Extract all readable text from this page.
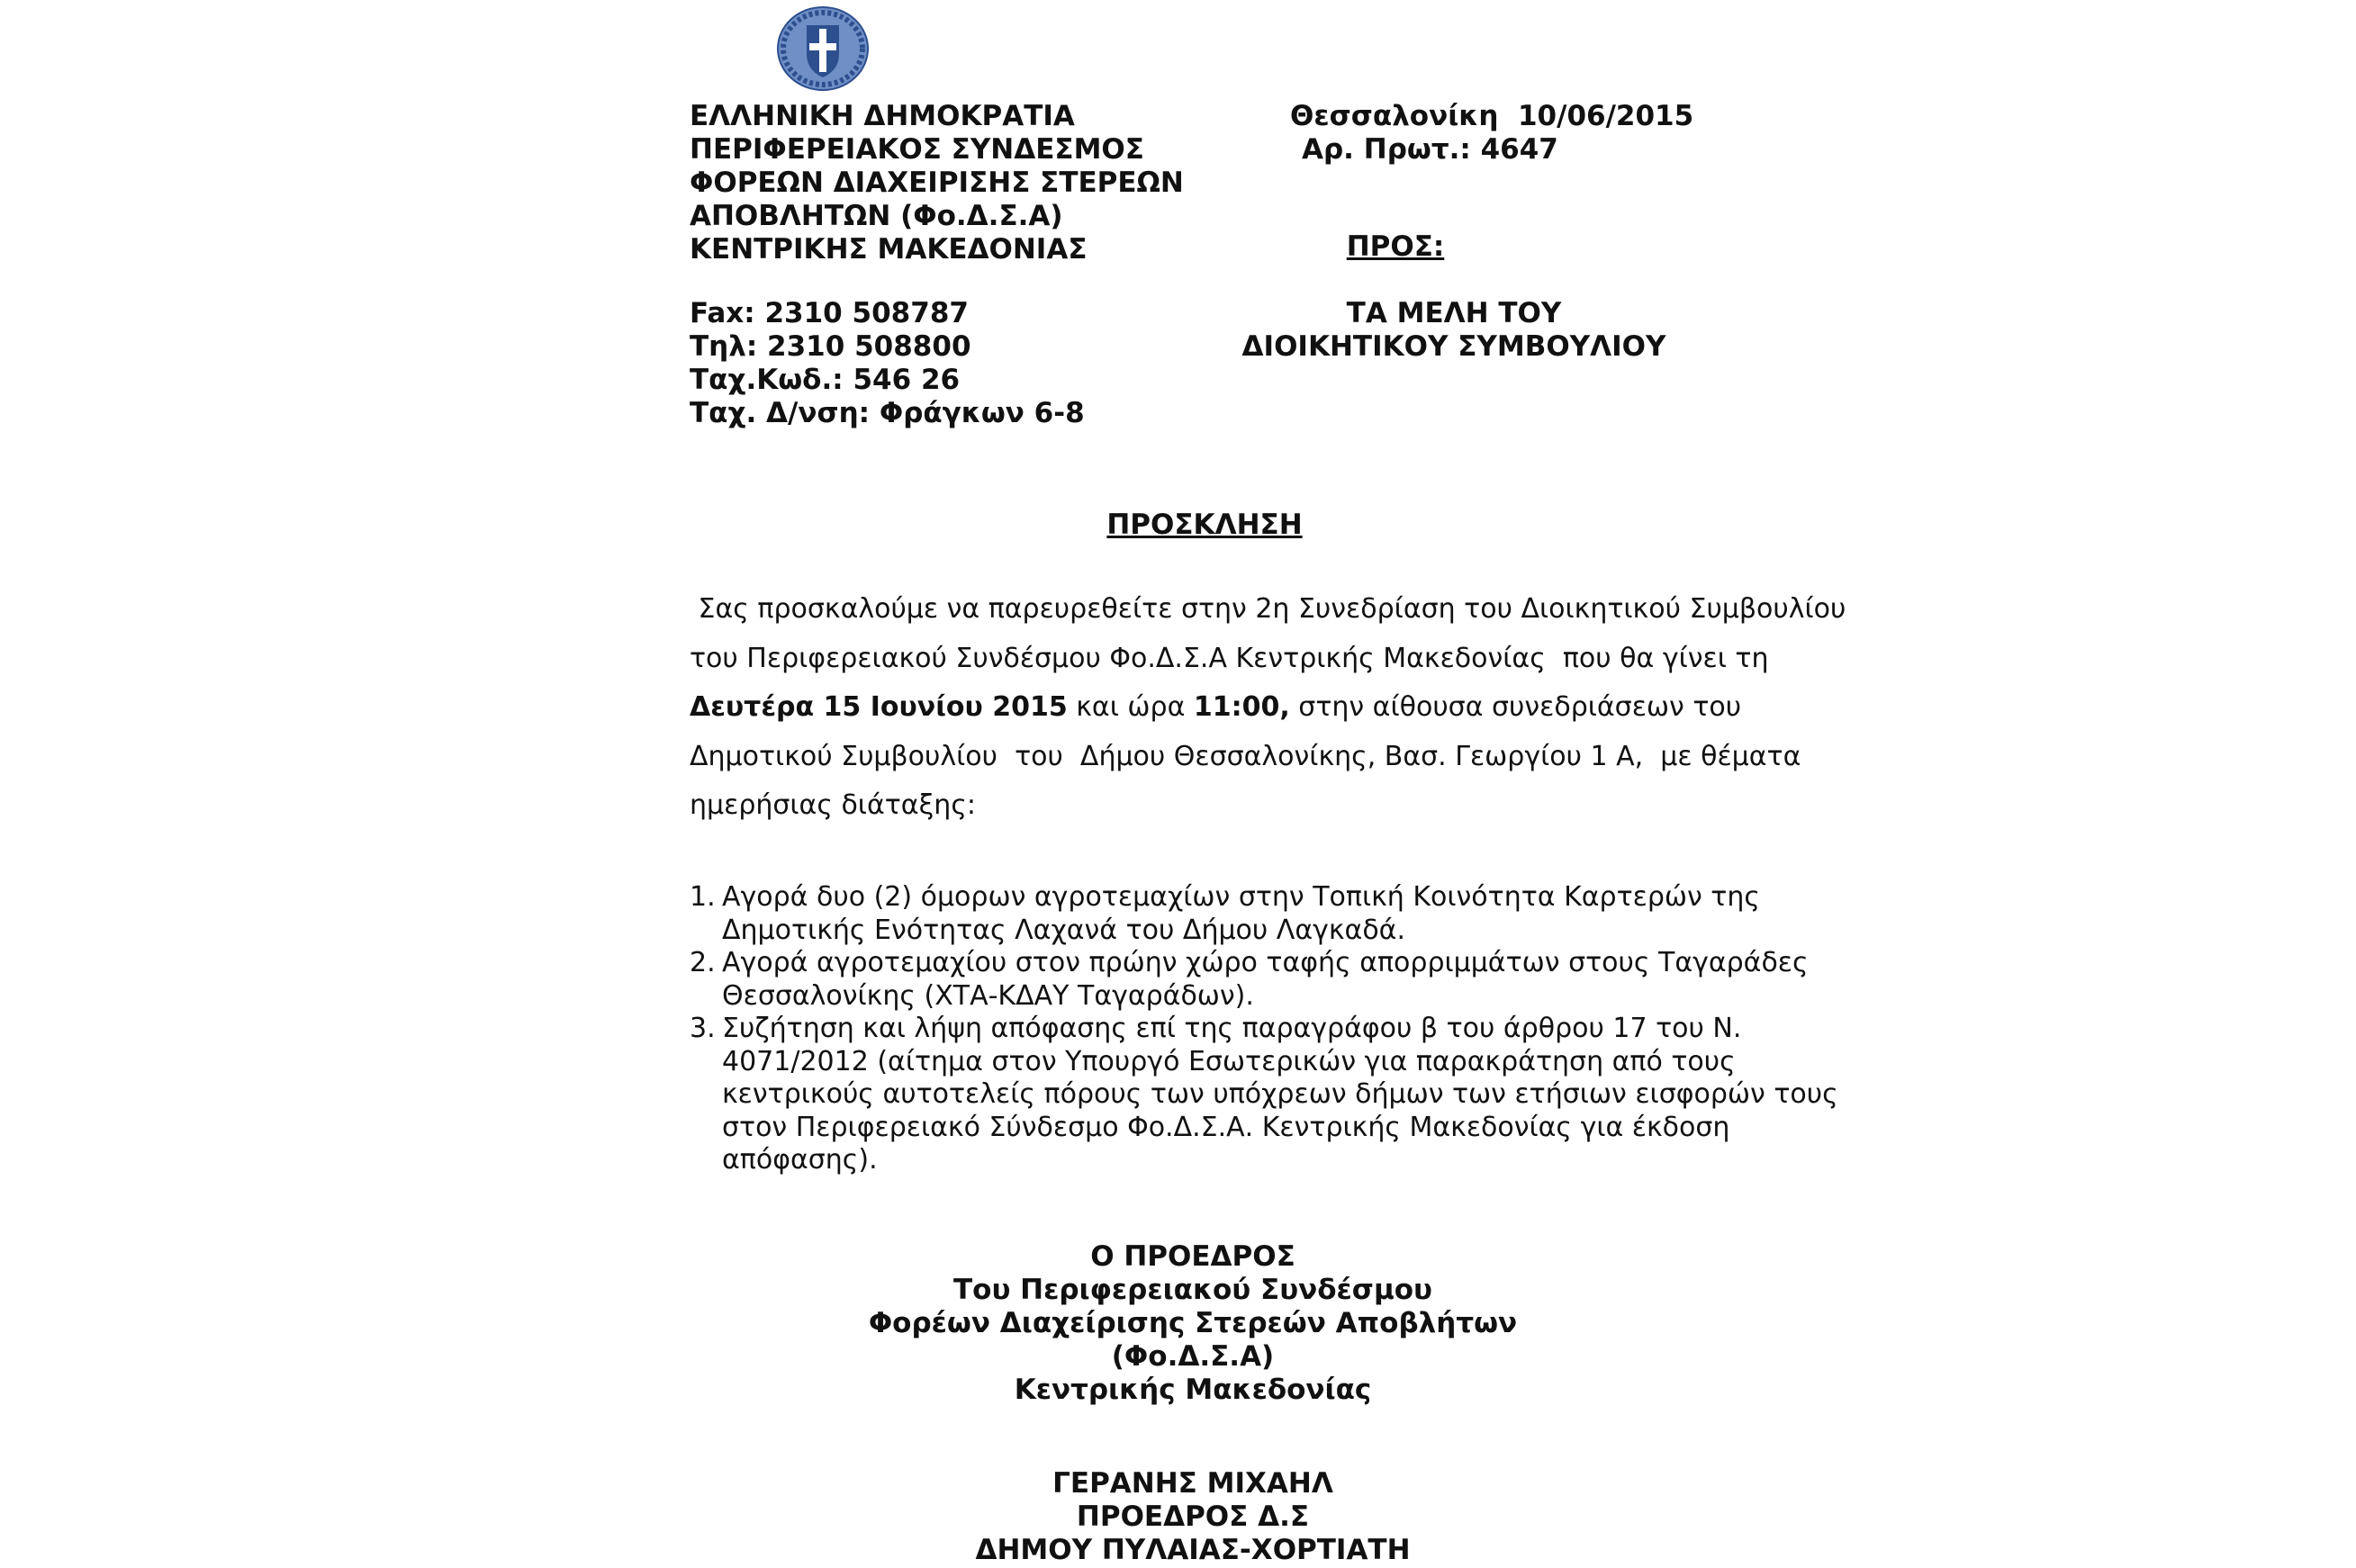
ΕΛΛΗΝΙΚΗ ΔΗΜΟΚΡΑΤΙΑ
ΠΕΡΙΦΕΡΕΙΑΚΟΣ ΣΥΝΔΕΣΜΟΣ
ΦΟΡΕΩΝ ΔΙΑΧΕΙΡΙΣΗΣ ΣΤΕΡΕΩΝ
ΑΠΟΒΛΗΤΩΝ (Φο.Δ.Σ.Α)
ΚΕΝΤΡΙΚΗΣ ΜΑΚΕΔΟΝΙΑΣ
Fax: 2310 508787
Τηλ: 2310 508800
Ταχ.Κωδ.: 546 26
Ταχ. Δ/νση: Φράγκων 6-8
Θεσσαλονίκη  10/06/2015
Αρ. Πρωτ.: 4647
ΠΡΟΣ:
ΤΑ ΜΕΛΗ ΤΟΥ
ΔΙΟΙΚΗΤΙΚΟΥ ΣΥΜΒΟΥΛΙΟΥ
ΠΡΟΣΚΛΗΣΗ
Σας προσκαλούμε να παρευρεθείτε στην 2η Συνεδρίαση του Διοικητικού Συμβουλίου
του Περιφερειακού Συνδέσμου Φο.Δ.Σ.Α Κεντρικής Μακεδονίας  που θα γίνει τη
Δευτέρα 15 Ιουνίου 2015 και ώρα 11:00, στην αίθουσα συνεδριάσεων του
Δημοτικού Συμβουλίου  του  Δήμου Θεσσαλονίκης, Βασ. Γεωργίου 1 Α,  με θέματα
ημερήσιας διάταξης:
1. Αγορά δυο (2) όμορων αγροτεμαχίων στην Τοπική Κοινότητα Καρτερών της
Δημοτικής Ενότητας Λαχανά του Δήμου Λαγκαδά.
2. Αγορά αγροτεμαχίου στον πρώην χώρο ταφής απορριμμάτων στους Ταγαράδες
Θεσσαλονίκης (ΧΤΑ-ΚΔΑΥ Ταγαράδων).
3. Συζήτηση και λήψη απόφασης επί της παραγράφου β του άρθρου 17 του Ν.
4071/2012 (αίτημα στον Υπουργό Εσωτερικών για παρακράτηση από τους
κεντρικούς αυτοτελείς πόρους των υπόχρεων δήμων των ετήσιων εισφορών τους
στον Περιφερειακό Σύνδεσμο Φο.Δ.Σ.Α. Κεντρικής Μακεδονίας για έκδοση
απόφασης).
Ο ΠΡΟΕΔΡΟΣ
Του Περιφερειακού Συνδέσμου
Φορέων Διαχείρισης Στερεών Αποβλήτων
(Φο.Δ.Σ.Α)
Κεντρικής Μακεδονίας
ΓΕΡΑΝΗΣ ΜΙΧΑΗΛ
ΠΡΟΕΔΡΟΣ Δ.Σ
ΔΗΜΟΥ ΠΥΛΑΙΑΣ-ΧΟΡΤΙΑΤΗ
